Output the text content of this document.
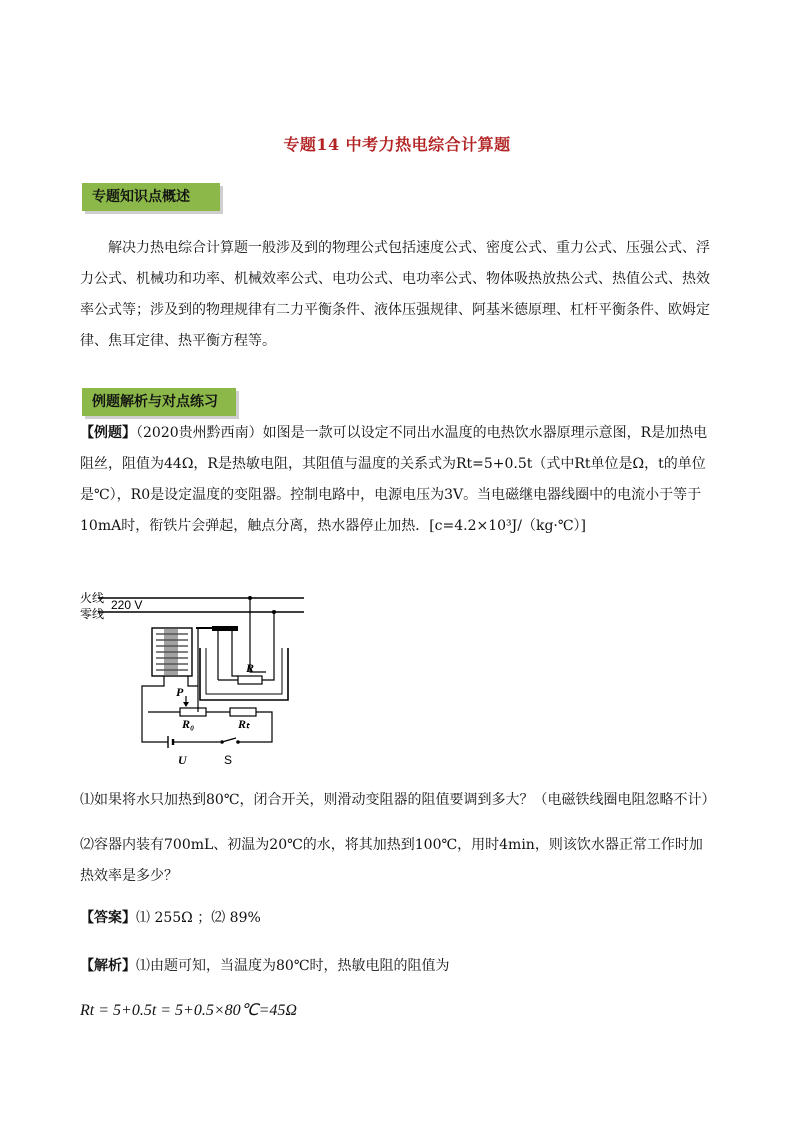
专题14 中考力热电综合计算题
专题知识点概述
解决力热电综合计算题一般涉及到的物理公式包括速度公式、密度公式、重力公式、压强公式、浮力公式、机械功和功率、机械效率公式、电功公式、电功率公式、物体吸热放热公式、热值公式、热效率公式等；涉及到的物理规律有二力平衡条件、液体压强规律、阿基米德原理、杠杆平衡条件、欧姆定律、焦耳定律、热平衡方程等。
例题解析与对点练习
【例题】（2020贵州黔西南）如图是一款可以设定不同出水温度的电热饮水器原理示意图，R是加热电阻丝，阻值为44Ω，R是热敏电阻，其阻值与温度的关系式为Rt=5+0.5t（式中Rt单位是Ω，t的单位是℃），R0是设定温度的变阻器。控制电路中，电源电压为3V。当电磁继电器线圈中的电流小于等于10mA时，衔铁片会弹起，触点分离，热水器停止加热．[c=4.2×10³J/（kg·℃）]
火线
零线
220 V
R
P
R₀	Rₜ
U	S
⑴如果将水只加热到80℃，闭合开关，则滑动变阻器的阻值要调到多大？（电磁铁线圈电阻忽略不计）
⑵容器内装有700mL、初温为20℃的水，将其加热到100℃，用时4min，则该饮水器正常工作时加热效率是多少？
【答案】⑴ 255Ω ；⑵ 89%
【解析】⑴由题可知，当温度为80℃时，热敏电阻的阻值为
Rt = 5+0.5t = 5+0.5×80℃=45Ω
